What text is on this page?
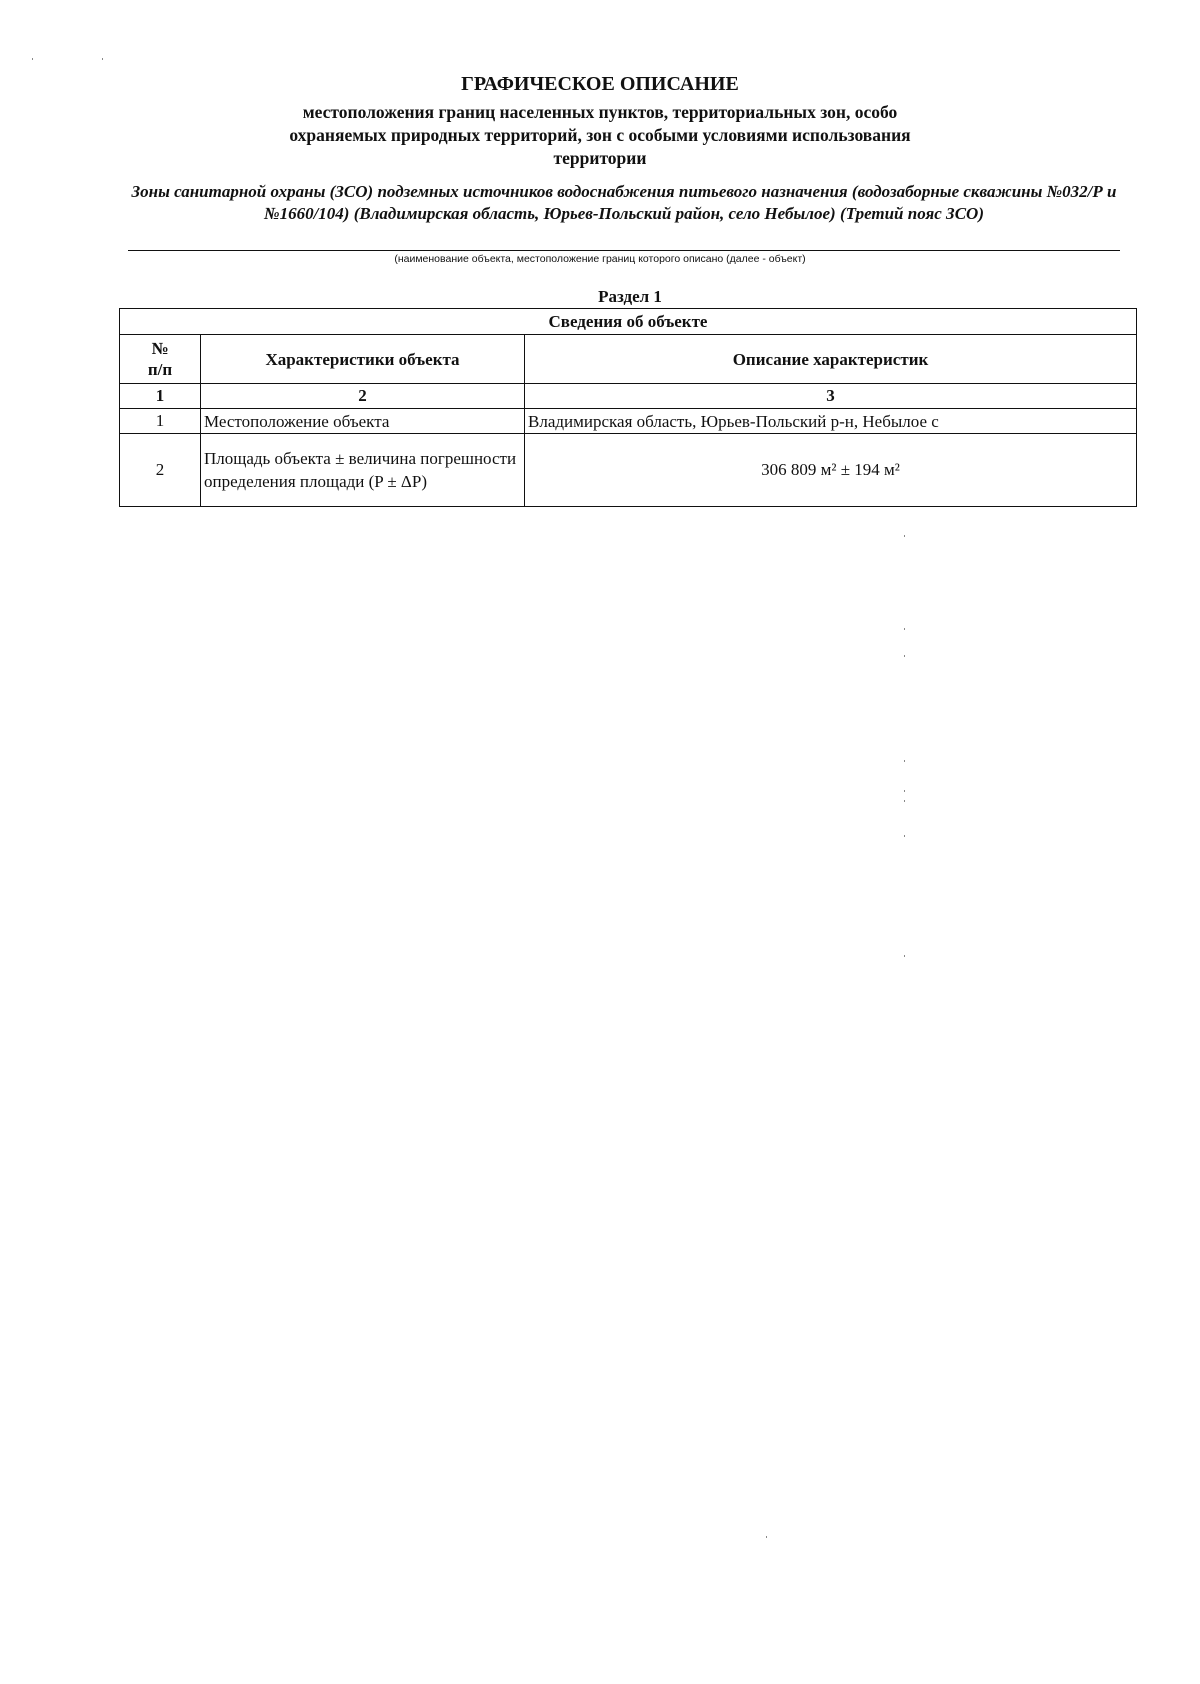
ГРАФИЧЕСКОЕ ОПИСАНИЕ
местоположения границ населенных пунктов, территориальных зон, особо охраняемых природных территорий, зон с особыми условиями использования территории
Зоны санитарной охраны (ЗСО) подземных источников водоснабжения питьевого назначения (водозаборные скважины №032/Р и №1660/104) (Владимирская область, Юрьев-Польский район, село Небылое) (Третий пояс ЗСО)
(наименование объекта, местоположение границ которого описано (далее - объект)
Раздел 1
Сведения об объекте		

№
п/п	Характеристики объекта	Описание характеристик
1	2	3
1	Местоположение объекта	Владимирская область, Юрьев-Польский р-н, Небылое с
2	Площадь объекта ± величина погрешности определения площади (P ± ΔP)	306 809 м² ± 194 м²
